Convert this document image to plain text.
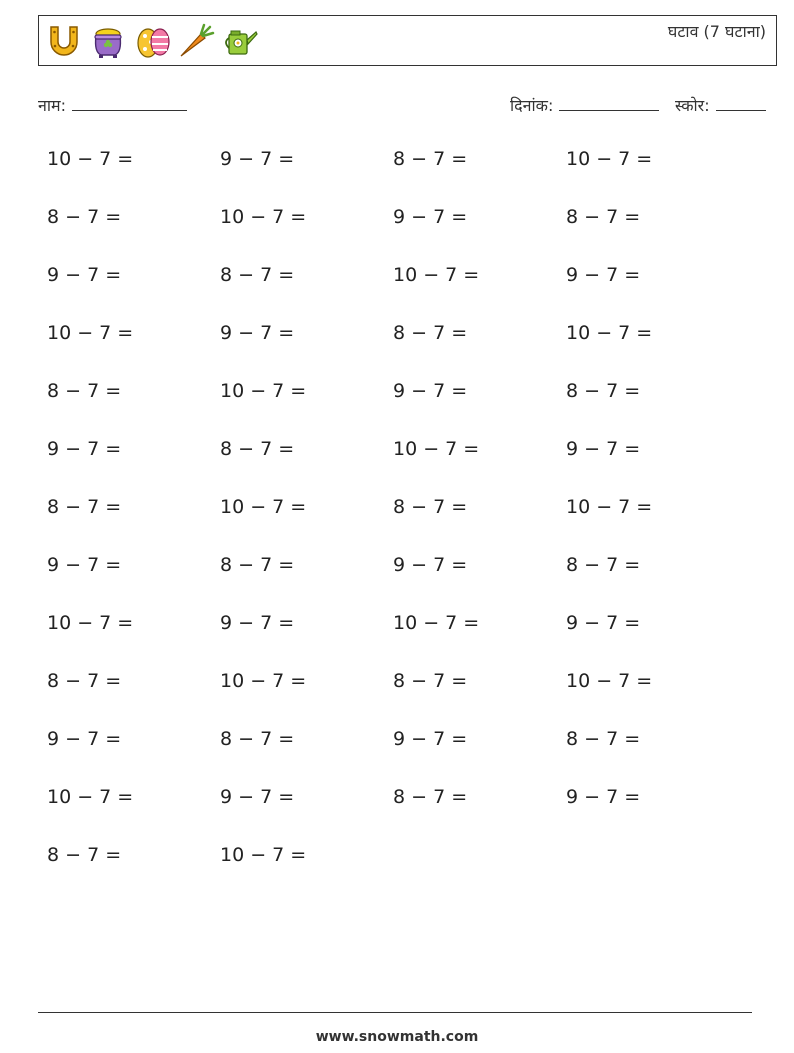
घटाव (7 घटाना)
नाम:	दिनांक:	स्कोर:
10 − 7 =	9 − 7 =	8 − 7 =	10 − 7 =
8 − 7 =	10 − 7 =	9 − 7 =	8 − 7 =
9 − 7 =	8 − 7 =	10 − 7 =	9 − 7 =
10 − 7 =	9 − 7 =	8 − 7 =	10 − 7 =
8 − 7 =	10 − 7 =	9 − 7 =	8 − 7 =
9 − 7 =	8 − 7 =	10 − 7 =	9 − 7 =
8 − 7 =	10 − 7 =	8 − 7 =	10 − 7 =
9 − 7 =	8 − 7 =	9 − 7 =	8 − 7 =
10 − 7 =	9 − 7 =	10 − 7 =	9 − 7 =
8 − 7 =	10 − 7 =	8 − 7 =	10 − 7 =
9 − 7 =	8 − 7 =	9 − 7 =	8 − 7 =
10 − 7 =	9 − 7 =	8 − 7 =	9 − 7 =
8 − 7 =	10 − 7 =
www.snowmath.com
